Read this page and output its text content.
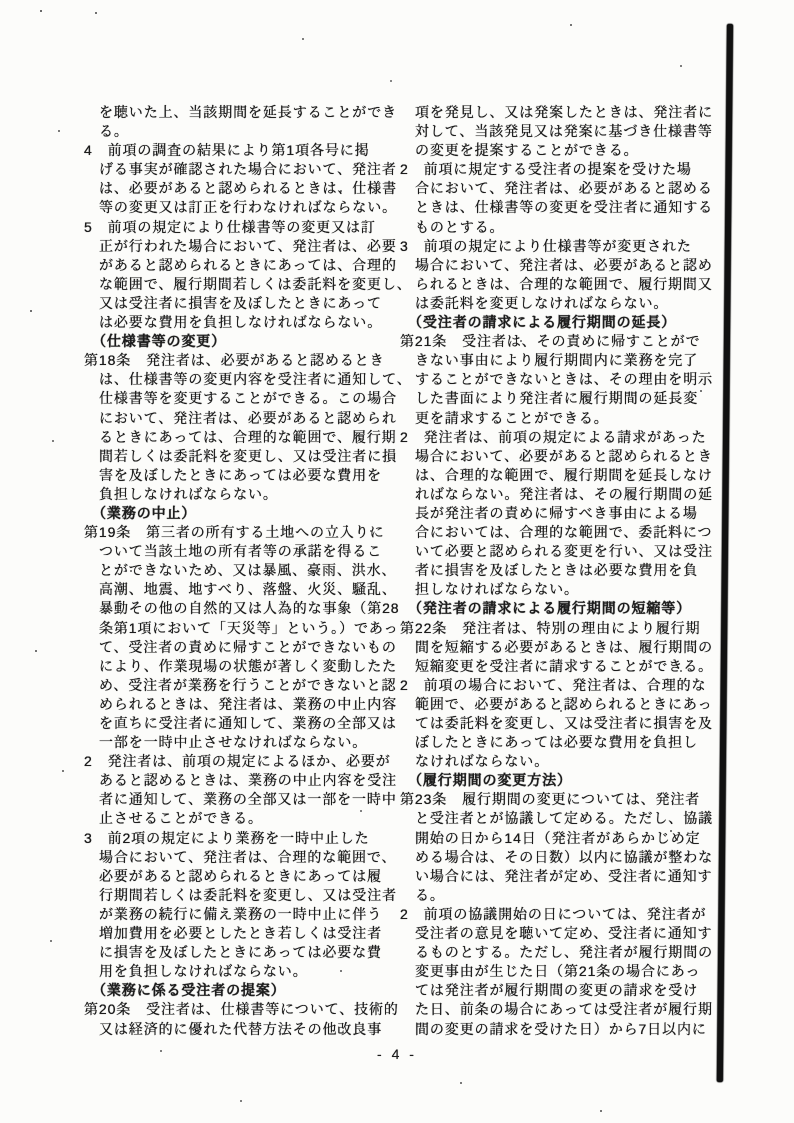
を聴いた上、当該期間を延長することができ
る。
4　前項の調査の結果により第1項各号に掲
げる事実が確認された場合において、発注者
は、必要があると認められるときは、仕様書
等の変更又は訂正を行わなければならない。
5　前項の規定により仕様書等の変更又は訂
正が行われた場合において、発注者は、必要
があると認められるときにあっては、合理的
な範囲で、履行期間若しくは委託料を変更し、
又は受注者に損害を及ぼしたときにあって
は必要な費用を負担しなければならない。
（仕様書等の変更）
第18条　発注者は、必要があると認めるとき
は、仕様書等の変更内容を受注者に通知して、
仕様書等を変更することができる。この場合
において、発注者は、必要があると認められ
るときにあっては、合理的な範囲で、履行期
間若しくは委託料を変更し、又は受注者に損
害を及ぼしたときにあっては必要な費用を
負担しなければならない。
（業務の中止）
第19条　第三者の所有する土地への立入りに
ついて当該土地の所有者等の承諾を得るこ
とができないため、又は暴風、豪雨、洪水、
高潮、地震、地すべり、落盤、火災、騒乱、
暴動その他の自然的又は人為的な事象（第28
条第1項において「天災等」という。）であっ
て、受注者の責めに帰すことができないもの
により、作業現場の状態が著しく変動したた
め、受注者が業務を行うことができないと認
められるときは、発注者は、業務の中止内容
を直ちに受注者に通知して、業務の全部又は
一部を一時中止させなければならない。
2　発注者は、前項の規定によるほか、必要が
あると認めるときは、業務の中止内容を受注
者に通知して、業務の全部又は一部を一時中
止させることができる。
3　前2項の規定により業務を一時中止した
場合において、発注者は、合理的な範囲で、
必要があると認められるときにあっては履
行期間若しくは委託料を変更し、又は受注者
が業務の続行に備え業務の一時中止に伴う
増加費用を必要としたとき若しくは受注者
に損害を及ぼしたときにあっては必要な費
用を負担しなければならない。
（業務に係る受注者の提案）
第20条　受注者は、仕様書等について、技術的
又は経済的に優れた代替方法その他改良事
項を発見し、又は発案したときは、発注者に
対して、当該発見又は発案に基づき仕様書等
の変更を提案することができる。
2　前項に規定する受注者の提案を受けた場
合において、発注者は、必要があると認める
ときは、仕様書等の変更を受注者に通知する
ものとする。
3　前項の規定により仕様書等が変更された
場合において、発注者は、必要があると認め
られるときは、合理的な範囲で、履行期間又
は委託料を変更しなければならない。
（受注者の請求による履行期間の延長）
第21条　受注者は、その責めに帰すことがで
きない事由により履行期間内に業務を完了
することができないときは、その理由を明示
した書面により発注者に履行期間の延長変
更を請求することができる。
2　発注者は、前項の規定による請求があった
場合において、必要があると認められるとき
は、合理的な範囲で、履行期間を延長しなけ
ればならない。発注者は、その履行期間の延
長が発注者の責めに帰すべき事由による場
合においては、合理的な範囲で、委託料につ
いて必要と認められる変更を行い、又は受注
者に損害を及ぼしたときは必要な費用を負
担しなければならない。
（発注者の請求による履行期間の短縮等）
第22条　発注者は、特別の理由により履行期
間を短縮する必要があるときは、履行期間の
短縮変更を受注者に請求することができる。
2　前項の場合において、発注者は、合理的な
範囲で、必要があると認められるときにあっ
ては委託料を変更し、又は受注者に損害を及
ぼしたときにあっては必要な費用を負担し
なければならない。
（履行期間の変更方法）
第23条　履行期間の変更については、発注者
と受注者とが協議して定める。ただし、協議
開始の日から14日（発注者があらかじめ定
める場合は、その日数）以内に協議が整わな
い場合には、発注者が定め、受注者に通知す
る。
2　前項の協議開始の日については、発注者が
受注者の意見を聴いて定め、受注者に通知す
るものとする。ただし、発注者が履行期間の
変更事由が生じた日（第21条の場合にあっ
ては発注者が履行期間の変更の請求を受け
た日、前条の場合にあっては受注者が履行期
間の変更の請求を受けた日）から7日以内に
- 4 -
